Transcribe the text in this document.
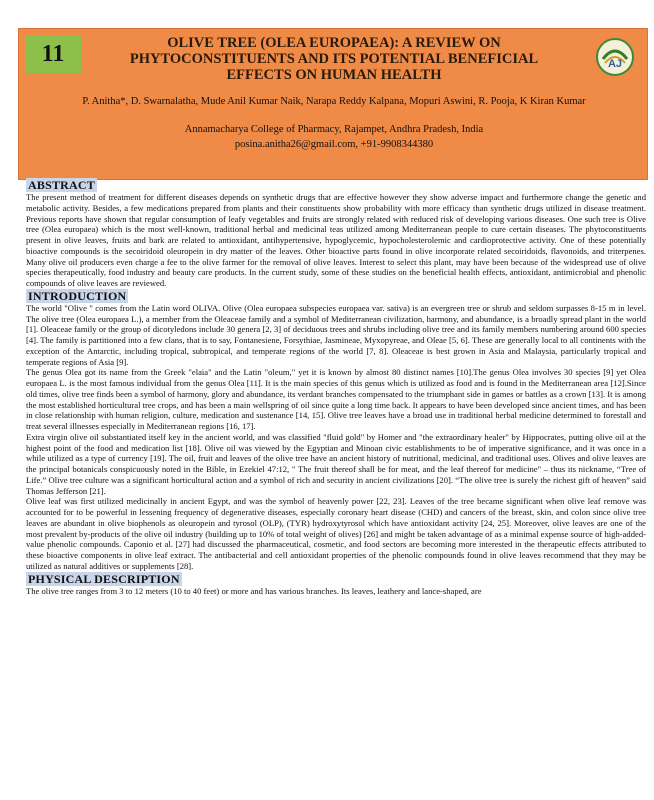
11	OLIVE TREE (OLEA EUROPAEA): A REVIEW ON PHYTOCONSTITUENTS AND ITS POTENTIAL BENEFICIAL EFFECTS ON HUMAN HEALTH
AJ

P. Anitha*, D. Swarnalatha, Mude Anil Kumar Naik, Narapa Reddy Kalpana, Mopuri Aswini, R. Pooja, K Kiran Kumar

Annamacharya College of Pharmacy, Rajampet, Andhra Pradesh, India

posina.anitha26@gmail.com, +91-9908344380

ABSTRACT

The present method of treatment for different diseases depends on synthetic drugs that are effective however they show adverse impact and furthermore change the genetic and metabolic activity. Besides, a few medications prepared from plants and their constituents show probability with more efficacy than synthetic drugs utilized in disease treatment. Previous reports have shown that regular consumption of leafy vegetables and fruits are strongly related with reduced risk of developing various diseases. One such tree is Olive tree (Olea europaea) which is the most well-known, traditional herbal and medicinal teas utilized among Mediterranean people to cure certain diseases. The phytoconstituents present in olive leaves, fruits and bark are related to antioxidant, antihypertensive, hypoglycemic, hypocholesterolemic and cardioprotective activity. One of these potentially bioactive compounds is the secoiridoid oleuropein in dry matter of the leaves. Other bioactive parts found in olive incorporate related secoiridoids, flavonoids, and triterpenes. Many olive oil producers even charge a fee to the olive farmer for the removal of olive leaves. Interest to select this plant, may have been because of the widespread use of olive species therapeutically, food industry and beauty care products. In the current study, some of these studies on the beneficial health effects, antioxidant, antimicrobial and phenolic compounds of olive leaves are reviewed.

INTRODUCTION

The world "Olive " comes from the Latin word OLIVA. Olive (Olea europaea subspecies europaea var. sativa) is an evergreen tree or shrub and seldom surpasses 8-15 m in level. The olive tree (Olea europaea L.), a member from the Oleaceae family and a symbol of Mediterranean civilization, harmony, and abundance, is a broadly spread plant in the world [1]. Oleaceae family or the group of dicotyledons include 30 genera [2, 3] of deciduous trees and shrubs including olive tree and its family members numbering around 600 species [4]. The family is partitioned into a few clans, that is to say, Fontanesiene, Forsythiae, Jasmineae, Myxopyreae, and Oleae [5, 6]. These are generally local to all continents with the exception of the Antarctic, including tropical, subtropical, and temperate regions of the world [7, 8]. Oleaceae is best grown in Asia and Malaysia, particularly tropical and temperate regions of Asia [9].

The genus Olea got its name from the Greek "elaia" and the Latin "oleum," yet it is known by almost 80 distinct names [10].The genus Olea involves 30 species [9] yet Olea europaea L. is the most famous individual from the genus Olea [11]. It is the main species of this genus which is utilized as food and is found in the Mediterranean area [12].Since old times, olive tree finds been a symbol of harmony, glory and abundance, its verdant branches compensated to the triumphant side in games or battles as a crown [13]. It is among the most established horticultural tree crops, and has been a main wellspring of oil since quite a long time back. It appears to have been developed since ancient times, and has been in close relationship with human religion, culture, medication and sustenance [14, 15]. Olive tree leaves have a broad use in traditional herbal medicine determined to forestall and treat several illnesses especially in Mediterranean regions [16, 17].

Extra virgin olive oil substantiated itself key in the ancient world, and was classified "fluid gold" by Homer and "the extraordinary healer" by Hippocrates, putting olive oil at the highest point of the food and medication list [18]. Olive oil was viewed by the Egyptian and Minoan civic establishments to be of imperative significance, and it was once in a while utilized as a type of currency [19]. The oil, fruit and leaves of the olive tree have an ancient history of nutritional, medicinal, and traditional uses. Olives and olive leaves are the principal botanicals conspicuously noted in the Bible, in Ezekiel 47:12, " The fruit thereof shall be for meat, and the leaf thereof for medicine" – thus its nickname, “Tree of Life.” Olive tree culture was a significant horticultural action and a symbol of rich and security in ancient civilizations [20]. “The olive tree is surely the richest gift of heaven” said Thomas Jefferson [21].

Olive leaf was first utilized medicinally in ancient Egypt, and was the symbol of heavenly power [22, 23]. Leaves of the tree became significant when olive leaf remove was accounted for to be powerful in lessening frequency of degenerative diseases, especially coronary heart disease (CHD) and cancers of the breast, skin, and colon since olive tree leaves are abundant in olive biophenols as oleuropein and tyrosol (OLP), (TYR) hydroxytyrosol which have antioxidant activity [24, 25]. Moreover, olive leaves are one of the most prevalent by-products of the olive oil industry (building up to 10% of total weight of olives) [26] and might be taken advantage of as a minimal expense source of high-added-value phenolic compounds. Caponio et al. [27] had discussed the pharmaceutical, cosmetic, and food sectors are becoming more interested in the therapeutic effects attributed to these bioactive components in olive leaf extract. The antibacterial and cell antioxidant properties of the phenolic compounds found in olive leaves recommend that they may be utilized as natural additives or supplements [28].

PHYSICAL DESCRIPTION

The olive tree ranges from 3 to 12 meters (10 to 40 feet) or more and has various branches. Its leaves, leathery and lance-shaped, are
